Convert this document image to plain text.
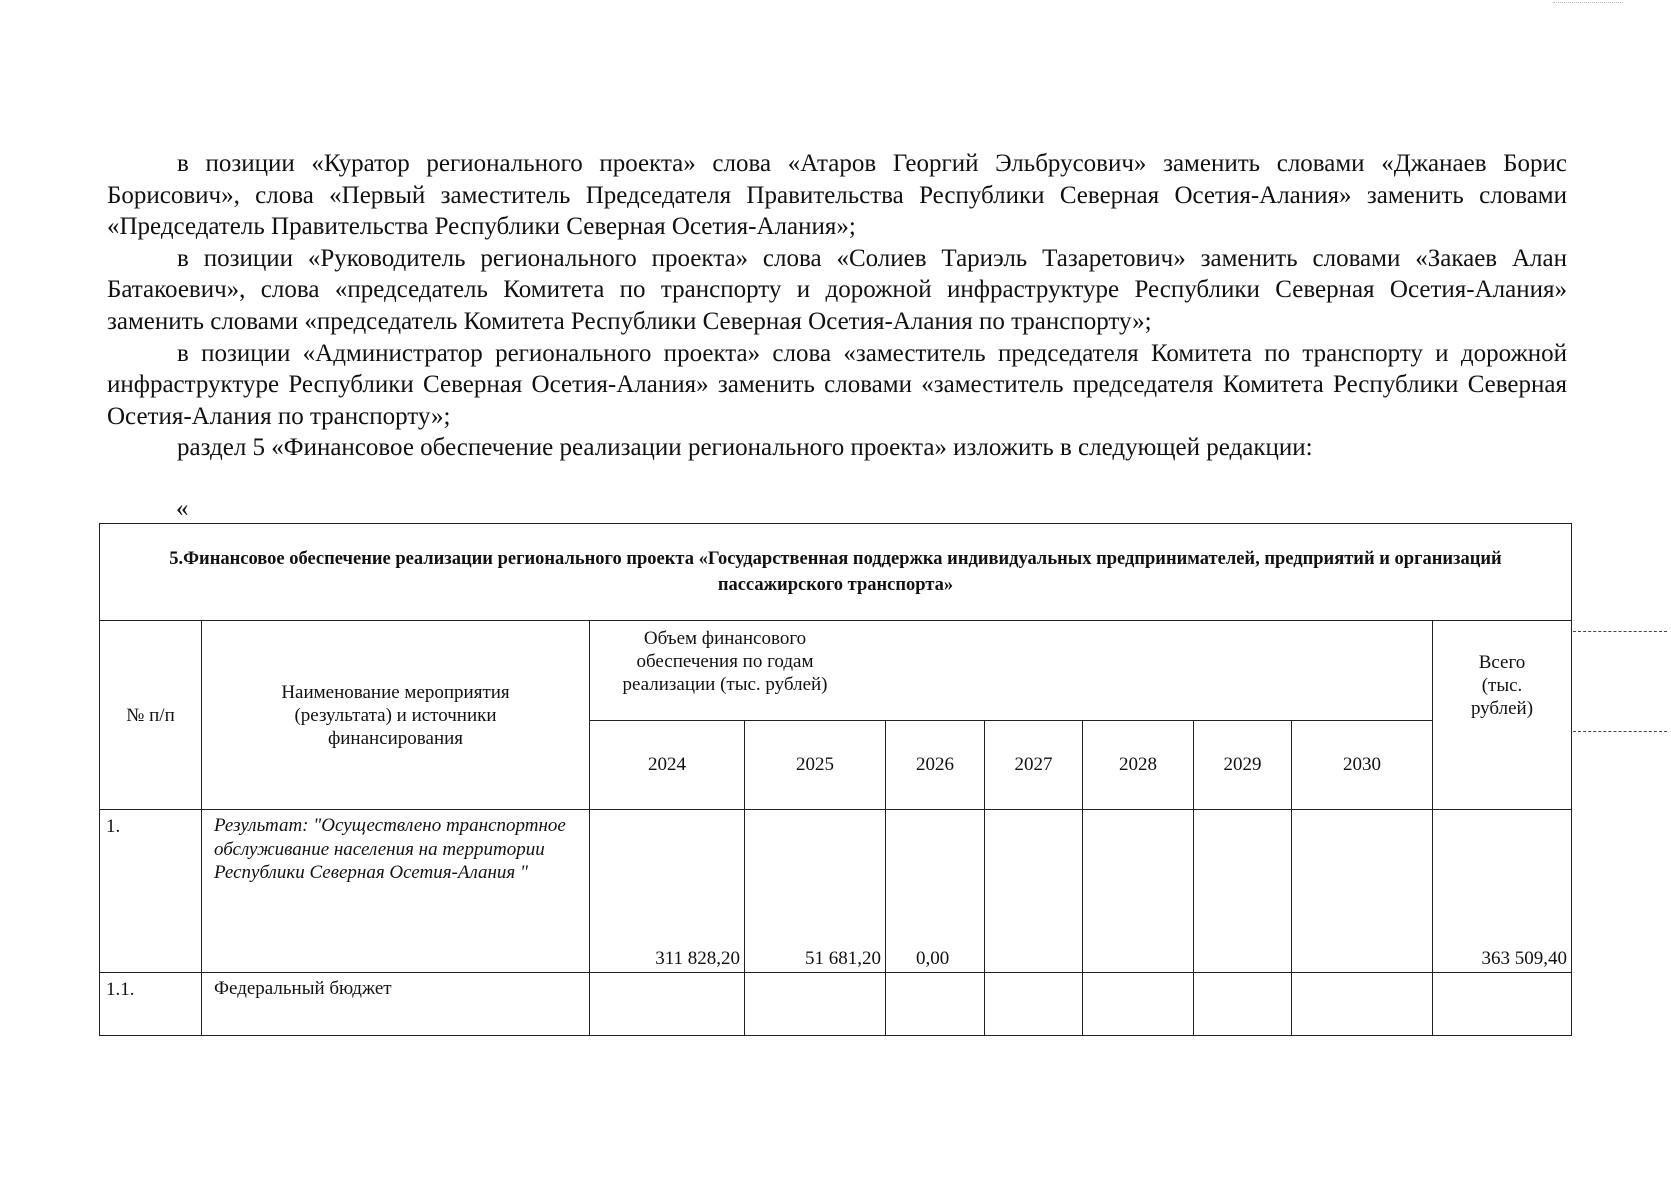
в позиции «Куратор регионального проекта» слова «Атаров Георгий Эльбрусович» заменить словами «Джанаев Борис Борисович», слова «Первый заместитель Председателя Правительства Республики Северная Осетия-Алания» заменить словами «Председатель Правительства Республики Северная Осетия-Алания»;

в позиции «Руководитель регионального проекта» слова «Солиев Тариэль Тазаретович» заменить словами «Закаев Алан Батакоевич», слова «председатель Комитета по транспорту и дорожной инфраструктуре Республики Северная Осетия-Алания» заменить словами «председатель Комитета Республики Северная Осетия-Алания по транспорту»;

в позиции «Администратор регионального проекта» слова «заместитель председателя Комитета по транспорту и дорожной инфраструктуре Республики Северная Осетия-Алания» заменить словами «заместитель председателя Комитета Республики Северная Осетия-Алания по транспорту»;

раздел 5 «Финансовое обеспечение реализации регионального проекта» изложить в следующей редакции:

«
5.Финансовое обеспечение реализации регионального проекта «Государственная поддержка индивидуальных предпринимателей, предприятий и организаций пассажирского транспорта»									
№ п/п	Наименование мероприятия (результата) и источники финансирования	Объем финансового обеспечения по годам реализации (тыс. рублей)							Всего (тыс. рублей)

		2024	2025	2026	2027	2028	2029	2030	
1.	Результат: "Осуществлено транспортное обслуживание населения на территории Республики Северная Осетия-Алания "	311 828,20	51 681,20	0,00					363 509,40
1.1.	Федеральный бюджет								
